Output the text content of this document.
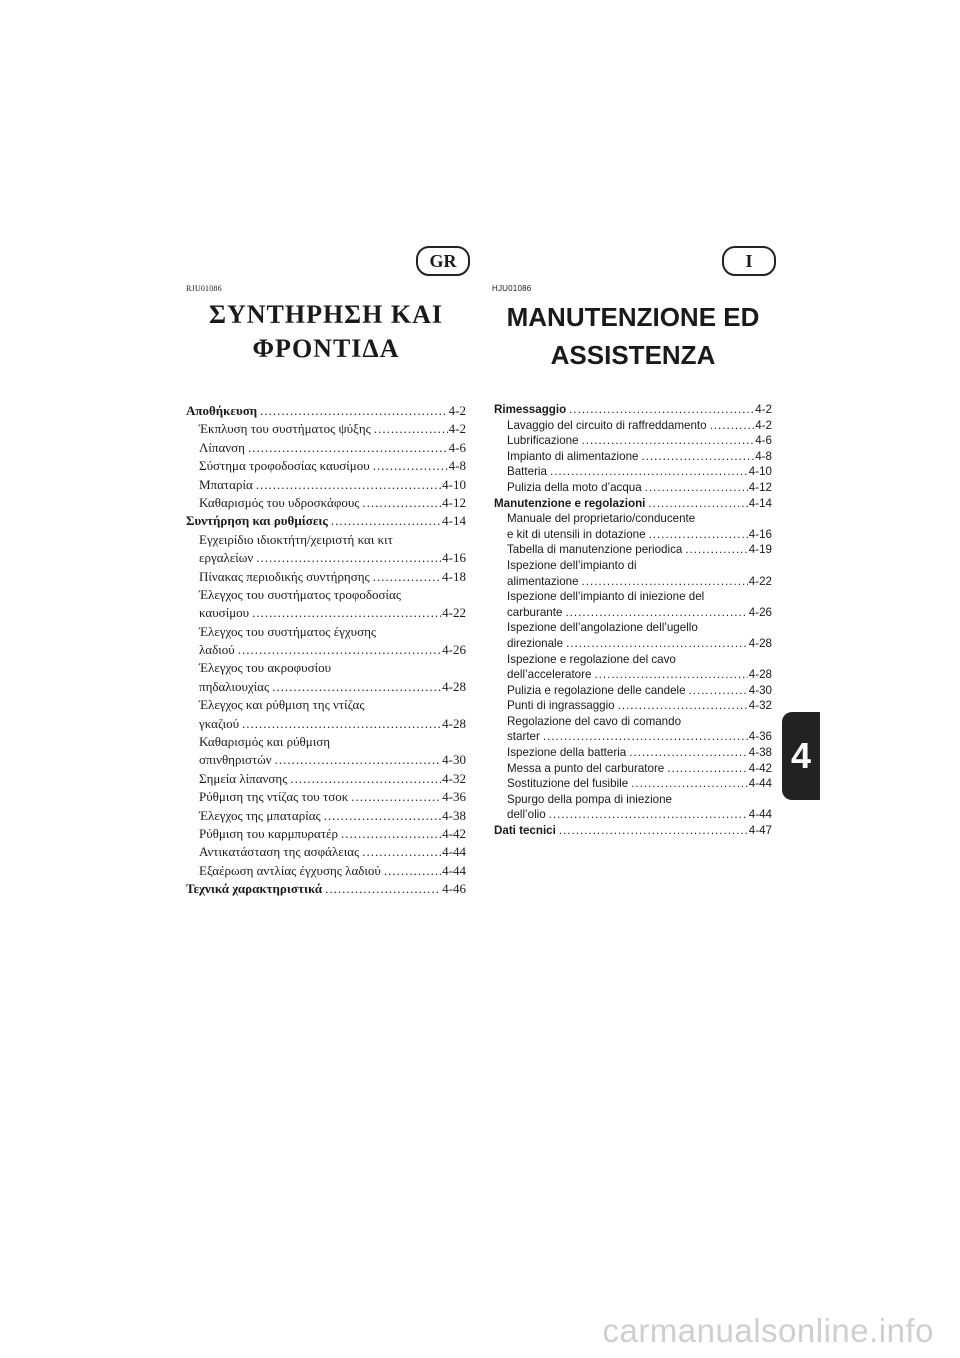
GR	I
RJU01086	HJU01086
ΣΥΝΤΗΡΗΣΗ ΚΑΙ
ΦΡΟΝΤΙΔΑ
MANUTENZIONE ED
ASSISTENZA
Αποθήκευση .....	4-2
Έκπλυση του συστήματος ψύξης .....	4-2
Λίπανση .....	4-6
Σύστημα τροφοδοσίας καυσίμου .....	4-8
Μπαταρία .....	4-10
Καθαρισμός του υδροσκάφους .....	4-12
Συντήρηση και ρυθμίσεις .....	4-14
Εγχειρίδιο ιδιοκτήτη/χειριστή και κιτ
εργαλείων .....	4-16
Πίνακας περιοδικής συντήρησης .....	4-18
Έλεγχος του συστήματος τροφοδοσίας
καυσίμου .....	4-22
Έλεγχος του συστήματος έγχυσης
λαδιού .....	4-26
Έλεγχος του ακροφυσίου
πηδαλιουχίας .....	4-28
Έλεγχος και ρύθμιση της ντίζας
γκαζιού .....	4-28
Καθαρισμός και ρύθμιση
σπινθηριστών .....	4-30
Σημεία λίπανσης .....	4-32
Ρύθμιση της ντίζας του τσοκ .....	4-36
Έλεγχος της μπαταρίας .....	4-38
Ρύθμιση του καρμπυρατέρ .....	4-42
Αντικατάσταση της ασφάλειας .....	4-44
Εξαέρωση αντλίας έγχυσης λαδιού .....	4-44
Τεχνικά χαρακτηριστικά .....	4-46
Rimessaggio .....	4-2
Lavaggio del circuito di raffreddamento .....	4-2
Lubrificazione .....	4-6
Impianto di alimentazione .....	4-8
Batteria .....	4-10
Pulizia della moto d’acqua .....	4-12
Manutenzione e regolazioni .....	4-14
Manuale del proprietario/conducente
e kit di utensili in dotazione .....	4-16
Tabella di manutenzione periodica .....	4-19
Ispezione dell’impianto di
alimentazione .....	4-22
Ispezione dell’impianto di iniezione del
carburante .....	4-26
Ispezione dell’angolazione dell’ugello
direzionale .....	4-28
Ispezione e regolazione del cavo
dell’acceleratore .....	4-28
Pulizia e regolazione delle candele .....	4-30
Punti di ingrassaggio .....	4-32
Regolazione del cavo di comando
starter .....	4-36
Ispezione della batteria .....	4-38
Messa a punto del carburatore .....	4-42
Sostituzione del fusibile .....	4-44
Spurgo della pompa di iniezione
dell’olio .....	4-44
Dati tecnici .....	4-47
4
carmanualsonline.info
